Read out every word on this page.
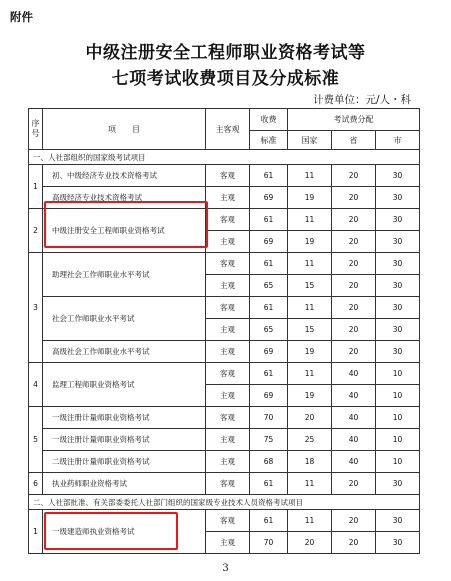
附件
中级注册安全工程师职业资格考试等
七项考试收费项目及分成标准
计费单位：元/人・科
序号	项　　目	主客观	收费	考试费分配		
			标准	国家	省	市
一、人社部组织的国家级考试项目						
1	初、中级经济专业技术资格考试	客观	61	11	20	30
	高级经济专业技术资格考试	主观	69	19	20	30
2	中级注册安全工程师职业资格考试	客观	61	11	20	30
		主观	69	19	20	30
3	助理社会工作师职业水平考试	客观	61	11	20	30
		主观	65	15	20	30
	社会工作师职业水平考试	客观	61	11	20	30
		主观	65	15	20	30
	高级社会工作师职业水平考试	主观	69	19	20	30
4	监理工程师职业资格考试	客观	61	11	40	10
		主观	69	19	40	10
5	一级注册计量师职业资格考试	客观	70	20	40	10
	一级注册计量师职业资格考试	主观	75	25	40	10
	二级注册计量师职业资格考试	主观	68	18	40	10
6	执业药师职业资格考试	客观	61	11	20	30
二、人社部批准、有关部委委托人社部门组织的国家级专业技术人员资格考试项目						
1	一级建造师执业资格考试	客观	61	11	20	30
		主观	70	20	20	30
3
